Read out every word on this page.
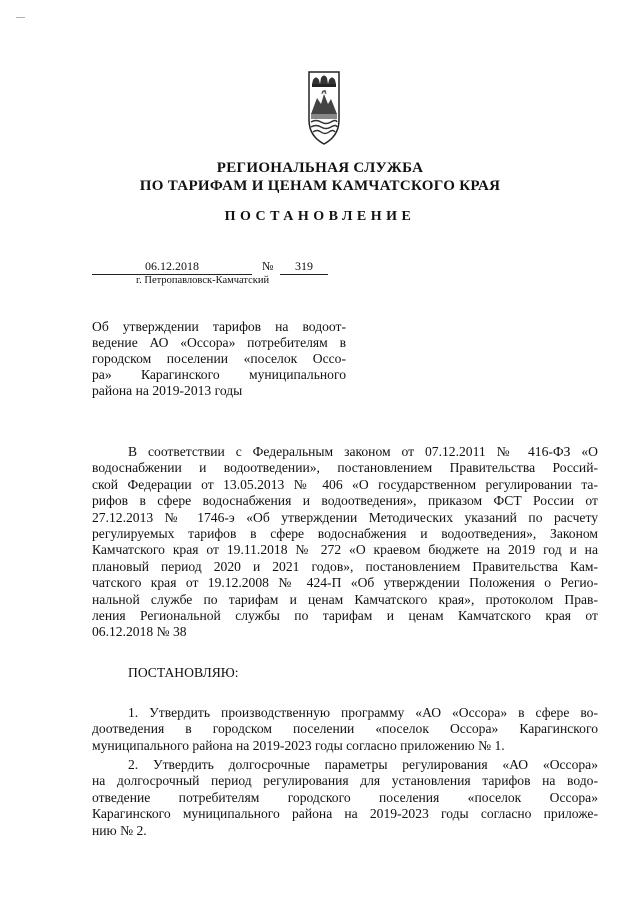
—
РЕГИОНАЛЬНАЯ СЛУЖБА
ПО ТАРИФАМ И ЦЕНАМ КАМЧАТСКОГО КРАЯ
ПОСТАНОВЛЕНИЕ
06.12.2018	№	319
г. Петропавловск-Камчатский
Об утверждении тарифов на водоот-
ведение АО «Оссора» потребителям в
городском поселении «поселок Оссо-
ра» Карагинского муниципального
района на 2019-2013 годы
В соответствии с Федеральным законом от 07.12.2011 № 416-ФЗ «О
водоснабжении и водоотведении», постановлением Правительства Россий-
ской Федерации от 13.05.2013 № 406 «О государственном регулировании та-
рифов в сфере водоснабжения и водоотведения», приказом ФСТ России от
27.12.2013 № 1746-э «Об утверждении Методических указаний по расчету
регулируемых тарифов в сфере водоснабжения и водоотведения», Законом
Камчатского края от 19.11.2018 № 272 «О краевом бюджете на 2019 год и на
плановый период 2020 и 2021 годов», постановлением Правительства Кам-
чатского края от 19.12.2008 № 424-П «Об утверждении Положения о Регио-
нальной службе по тарифам и ценам Камчатского края», протоколом Прав-
ления Региональной службы по тарифам и ценам Камчатского края от
06.12.2018 № 38
ПОСТАНОВЛЯЮ:
1. Утвердить производственную программу «АО «Оссора» в сфере во-
доотведения в городском поселении «поселок Оссора» Карагинского
муниципального района на 2019-2023 годы согласно приложению № 1.
2. Утвердить долгосрочные параметры регулирования «АО «Оссора»
на долгосрочный период регулирования для установления тарифов на водо-
отведение потребителям городского поселения «поселок Оссора»
Карагинского муниципального района на 2019-2023 годы согласно приложе-
нию № 2.
